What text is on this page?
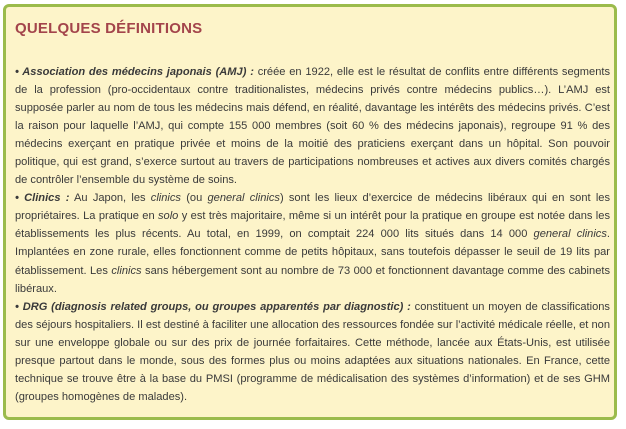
QUELQUES DÉFINITIONS

• Association des médecins japonais (AMJ) : créée en 1922, elle est le résultat de conflits entre différents segments de la profession (pro-occidentaux contre traditionalistes, médecins privés contre médecins publics…). L’AMJ est supposée parler au nom de tous les médecins mais défend, en réalité, davantage les intérêts des médecins privés. C’est la raison pour laquelle l’AMJ, qui compte 155 000 membres (soit 60 % des médecins japonais), regroupe 91 % des médecins exerçant en pratique privée et moins de la moitié des praticiens exerçant dans un hôpital. Son pouvoir politique, qui est grand, s’exerce surtout au travers de participations nombreuses et actives aux divers comités chargés de contrôler l’ensemble du système de soins.

• Clinics : Au Japon, les clinics (ou general clinics) sont les lieux d’exercice de médecins libéraux qui en sont les propriétaires. La pratique en solo y est très majoritaire, même si un intérêt pour la pratique en groupe est notée dans les établissements les plus récents. Au total, en 1999, on comptait 224 000 lits situés dans 14 000 general clinics. Implantées en zone rurale, elles fonctionnent comme de petits hôpitaux, sans toutefois dépasser le seuil de 19 lits par établissement. Les clinics sans hébergement sont au nombre de 73 000 et fonctionnent davantage comme des cabinets libéraux.

• DRG (diagnosis related groups, ou groupes apparentés par diagnostic) : constituent un moyen de classifications des séjours hospitaliers. Il est destiné à faciliter une allocation des ressources fondée sur l’activité médicale réelle, et non sur une enveloppe globale ou sur des prix de journée forfaitaires. Cette méthode, lancée aux États-Unis, est utilisée presque partout dans le monde, sous des formes plus ou moins adaptées aux situations nationales. En France, cette technique se trouve être à la base du PMSI (programme de médicalisation des systèmes d’information) et de ses GHM (groupes homogènes de malades).
